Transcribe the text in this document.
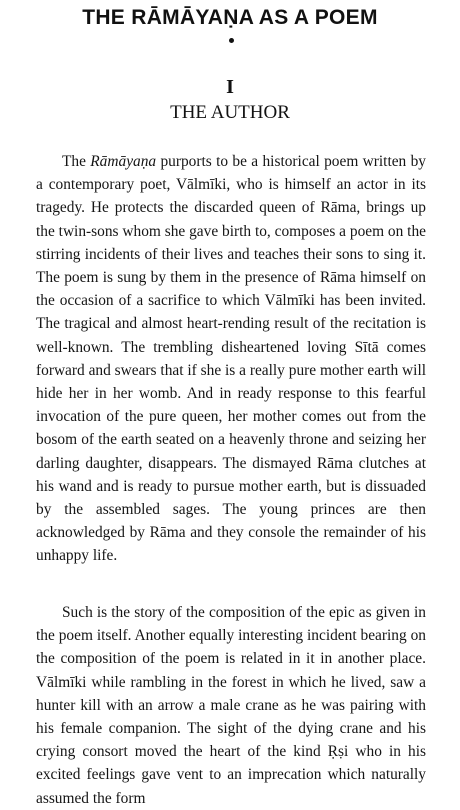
THE RĀMĀYAṆA AS A POEM
I
THE AUTHOR

The Rāmāyaṇa purports to be a historical poem written by a contemporary poet, Vālmīki, who is himself an actor in its tragedy. He protects the discarded queen of Rāma, brings up the twin-sons whom she gave birth to, composes a poem on the stirring incidents of their lives and teaches their sons to sing it. The poem is sung by them in the presence of Rāma himself on the occasion of a sacrifice to which Vālmīki has been invited. The tragical and almost heart-rending result of the recitation is well-known. The trembling disheartened loving Sītā comes forward and swears that if she is a really pure mother earth will hide her in her womb. And in ready response to this fearful invocation of the pure queen, her mother comes out from the bosom of the earth seated on a heavenly throne and seizing her darling daughter, disappears. The dismayed Rāma clutches at his wand and is ready to pursue mother earth, but is dissuaded by the assembled sages. The young princes are then acknowledged by Rāma and they console the remainder of his unhappy life.

Such is the story of the composition of the epic as given in the poem itself. Another equally interesting incident bearing on the composition of the poem is related in it in another place. Vālmīki while rambling in the forest in which he lived, saw a hunter kill with an arrow a male crane as he was pairing with his female companion. The sight of the dying crane and his crying consort moved the heart of the kind Ṛṣi who in his excited feelings gave vent to an imprecation which naturally assumed the form
